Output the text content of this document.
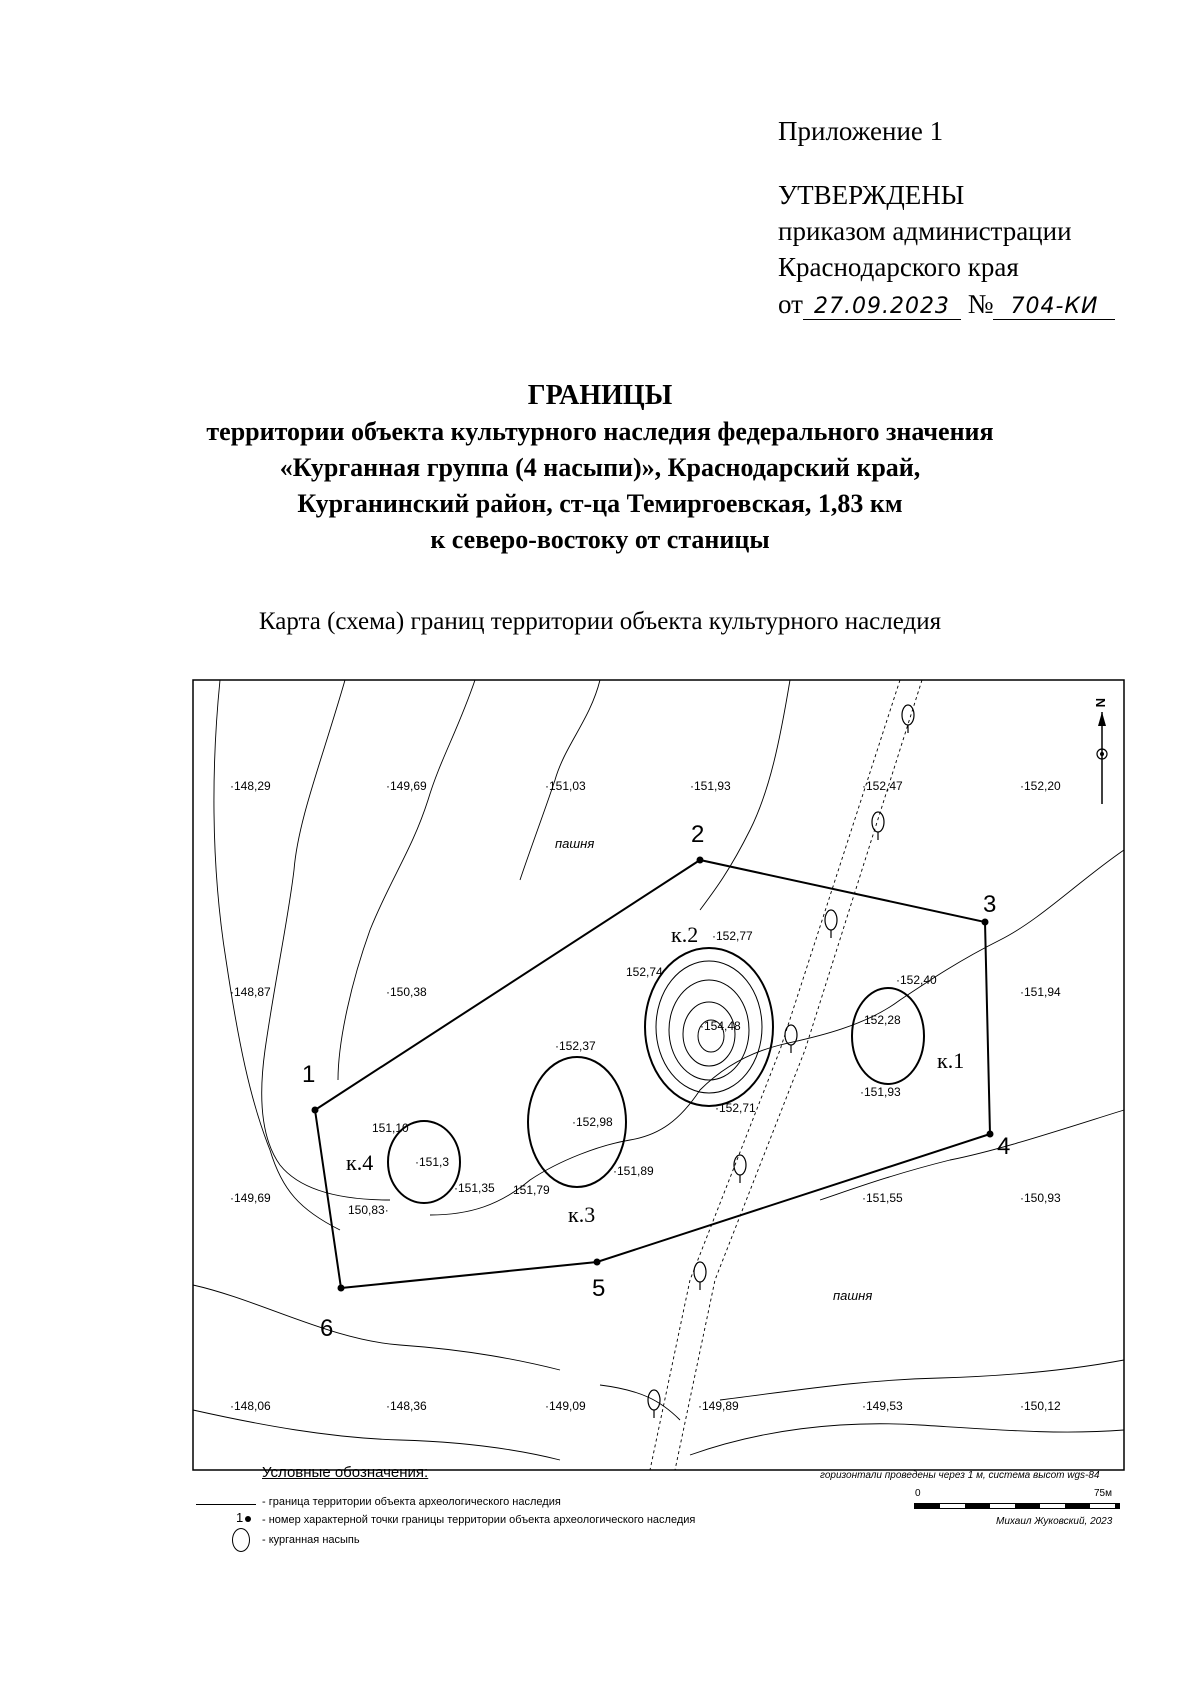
Приложение 1
УТВЕРЖДЕНЫ
приказом администрации
Краснодарского края
от 27.09.2023 № 704-КИ
ГРАНИЦЫ
территории объекта культурного наследия федерального значения
«Курганная группа (4 насыпи)», Краснодарский край,
Курганинский район, ст-ца Темиргоевская, 1,83 км
к северо-востоку от станицы
Карта (схема) границ территории объекта культурного наследия
1
2
3
4
5
6
к.1
к.2
к.3
к.4
·148,29	·149,69	·151,03	·151,93	·152,47	·152,20
·148,87	·150,38	·151,94
·149,69	·151,55	·150,93
·148,06	·148,36	·149,09	·149,89	·149,53	·150,12
·152,77
152,74
·154,48
·152,37
·152,98
·151,89
·152,71
·152,40
152,28
·151,93
151,10
·151,3
·151,35 151,79
150,83·
пашня
пашня
N
Условные обозначения:
- граница территории объекта археологического наследия
1	- номер характерной точки границы территории объекта археологического наследия
- курганная насыпь
горизонтали проведены через 1 м, система высот wgs-84
0	75м
Михаил Жуковский, 2023
